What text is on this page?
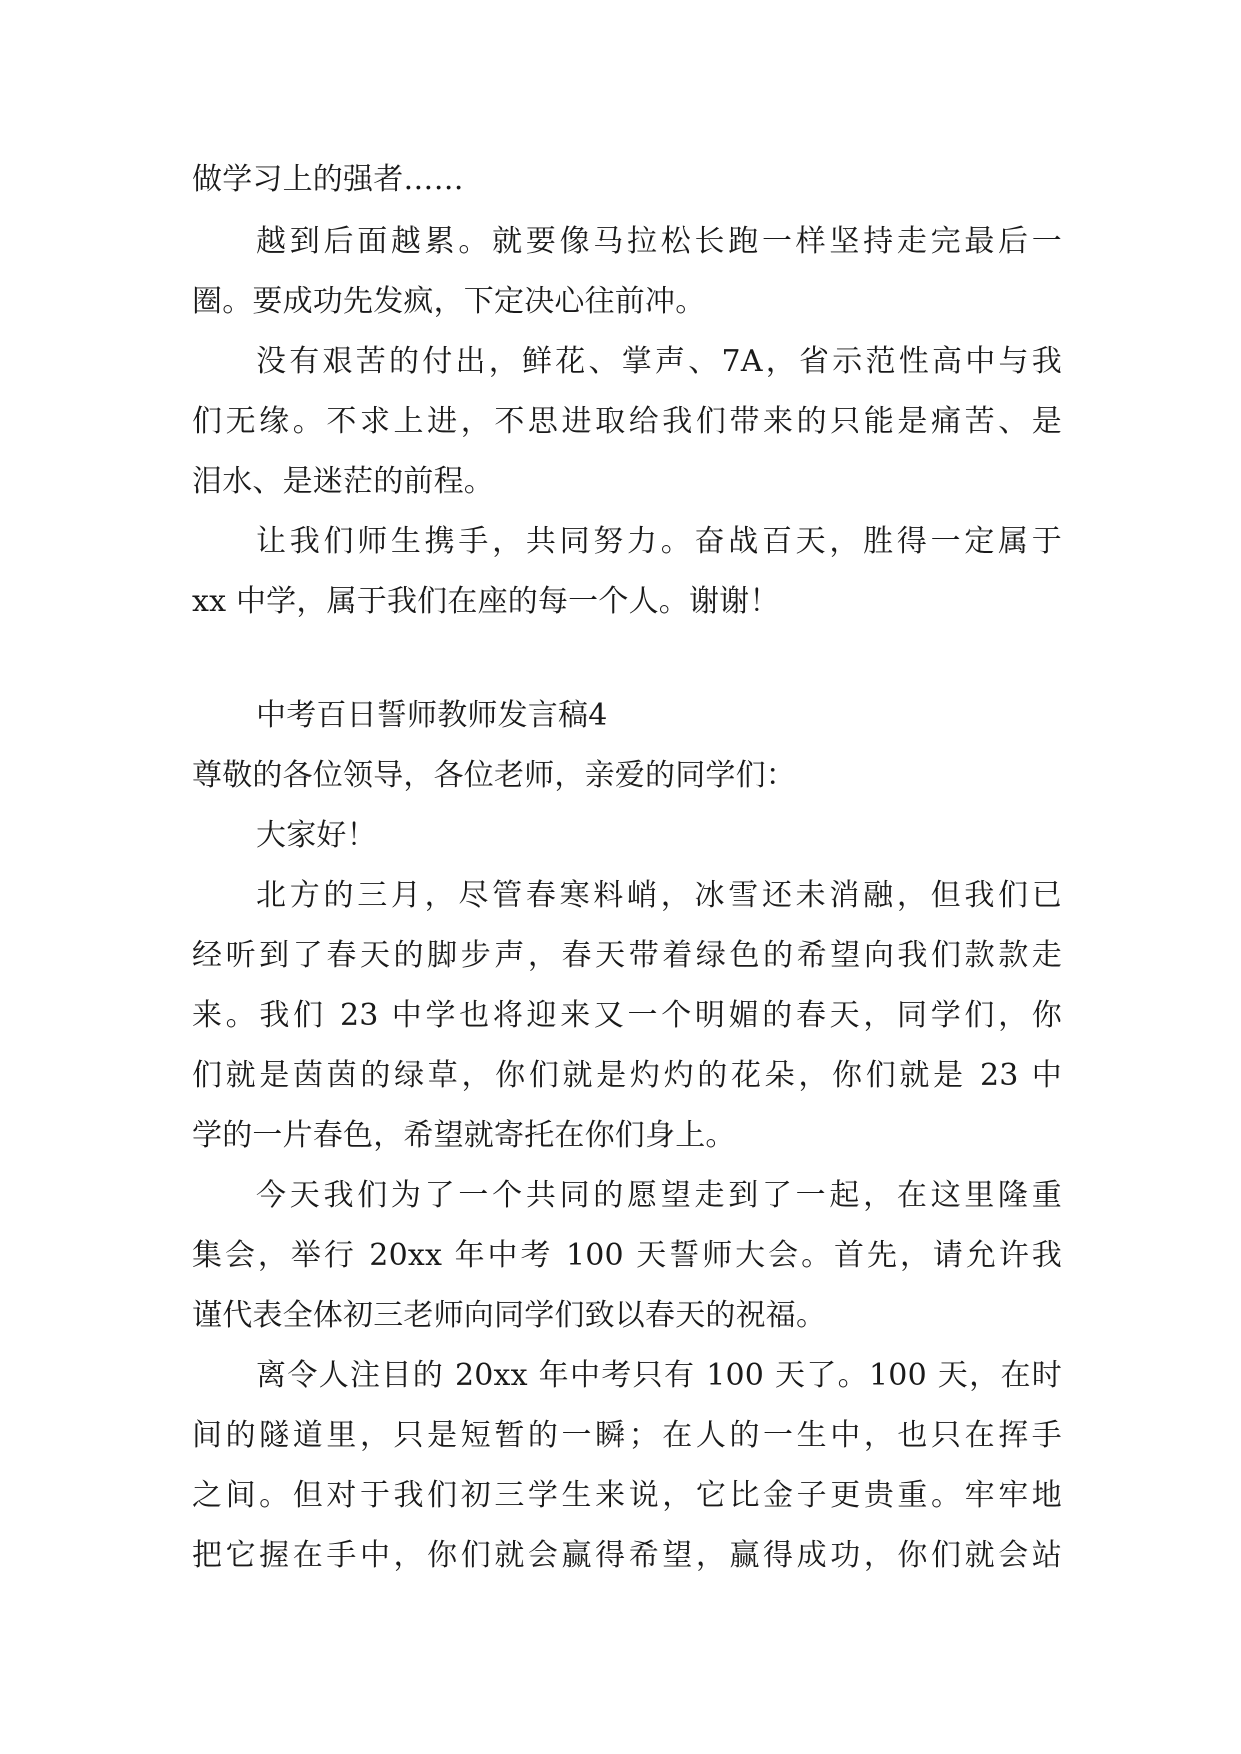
做学习上的强者……
越到后面越累。就要像马拉松长跑一样坚持走完最后一
圈。要成功先发疯，下定决心往前冲。
没有艰苦的付出，鲜花、掌声、7A，省示范性高中与我
们无缘。不求上进，不思进取给我们带来的只能是痛苦、是
泪水、是迷茫的前程。
让我们师生携手，共同努力。奋战百天，胜得一定属于
xx 中学，属于我们在座的每一个人。谢谢！
中考百日誓师教师发言稿4
尊敬的各位领导，各位老师，亲爱的同学们：
大家好！
北方的三月，尽管春寒料峭，冰雪还未消融，但我们已
经听到了春天的脚步声，春天带着绿色的希望向我们款款走
来。我们 23 中学也将迎来又一个明媚的春天，同学们，你
们就是茵茵的绿草，你们就是灼灼的花朵，你们就是 23 中
学的一片春色，希望就寄托在你们身上。
今天我们为了一个共同的愿望走到了一起，在这里隆重
集会，举行 20xx 年中考 100 天誓师大会。首先，请允许我
谨代表全体初三老师向同学们致以春天的祝福。
离令人注目的 20xx 年中考只有 100 天了。100 天，在时
间的隧道里，只是短暂的一瞬；在人的一生中，也只在挥手
之间。但对于我们初三学生来说，它比金子更贵重。牢牢地
把它握在手中，你们就会赢得希望，赢得成功，你们就会站
